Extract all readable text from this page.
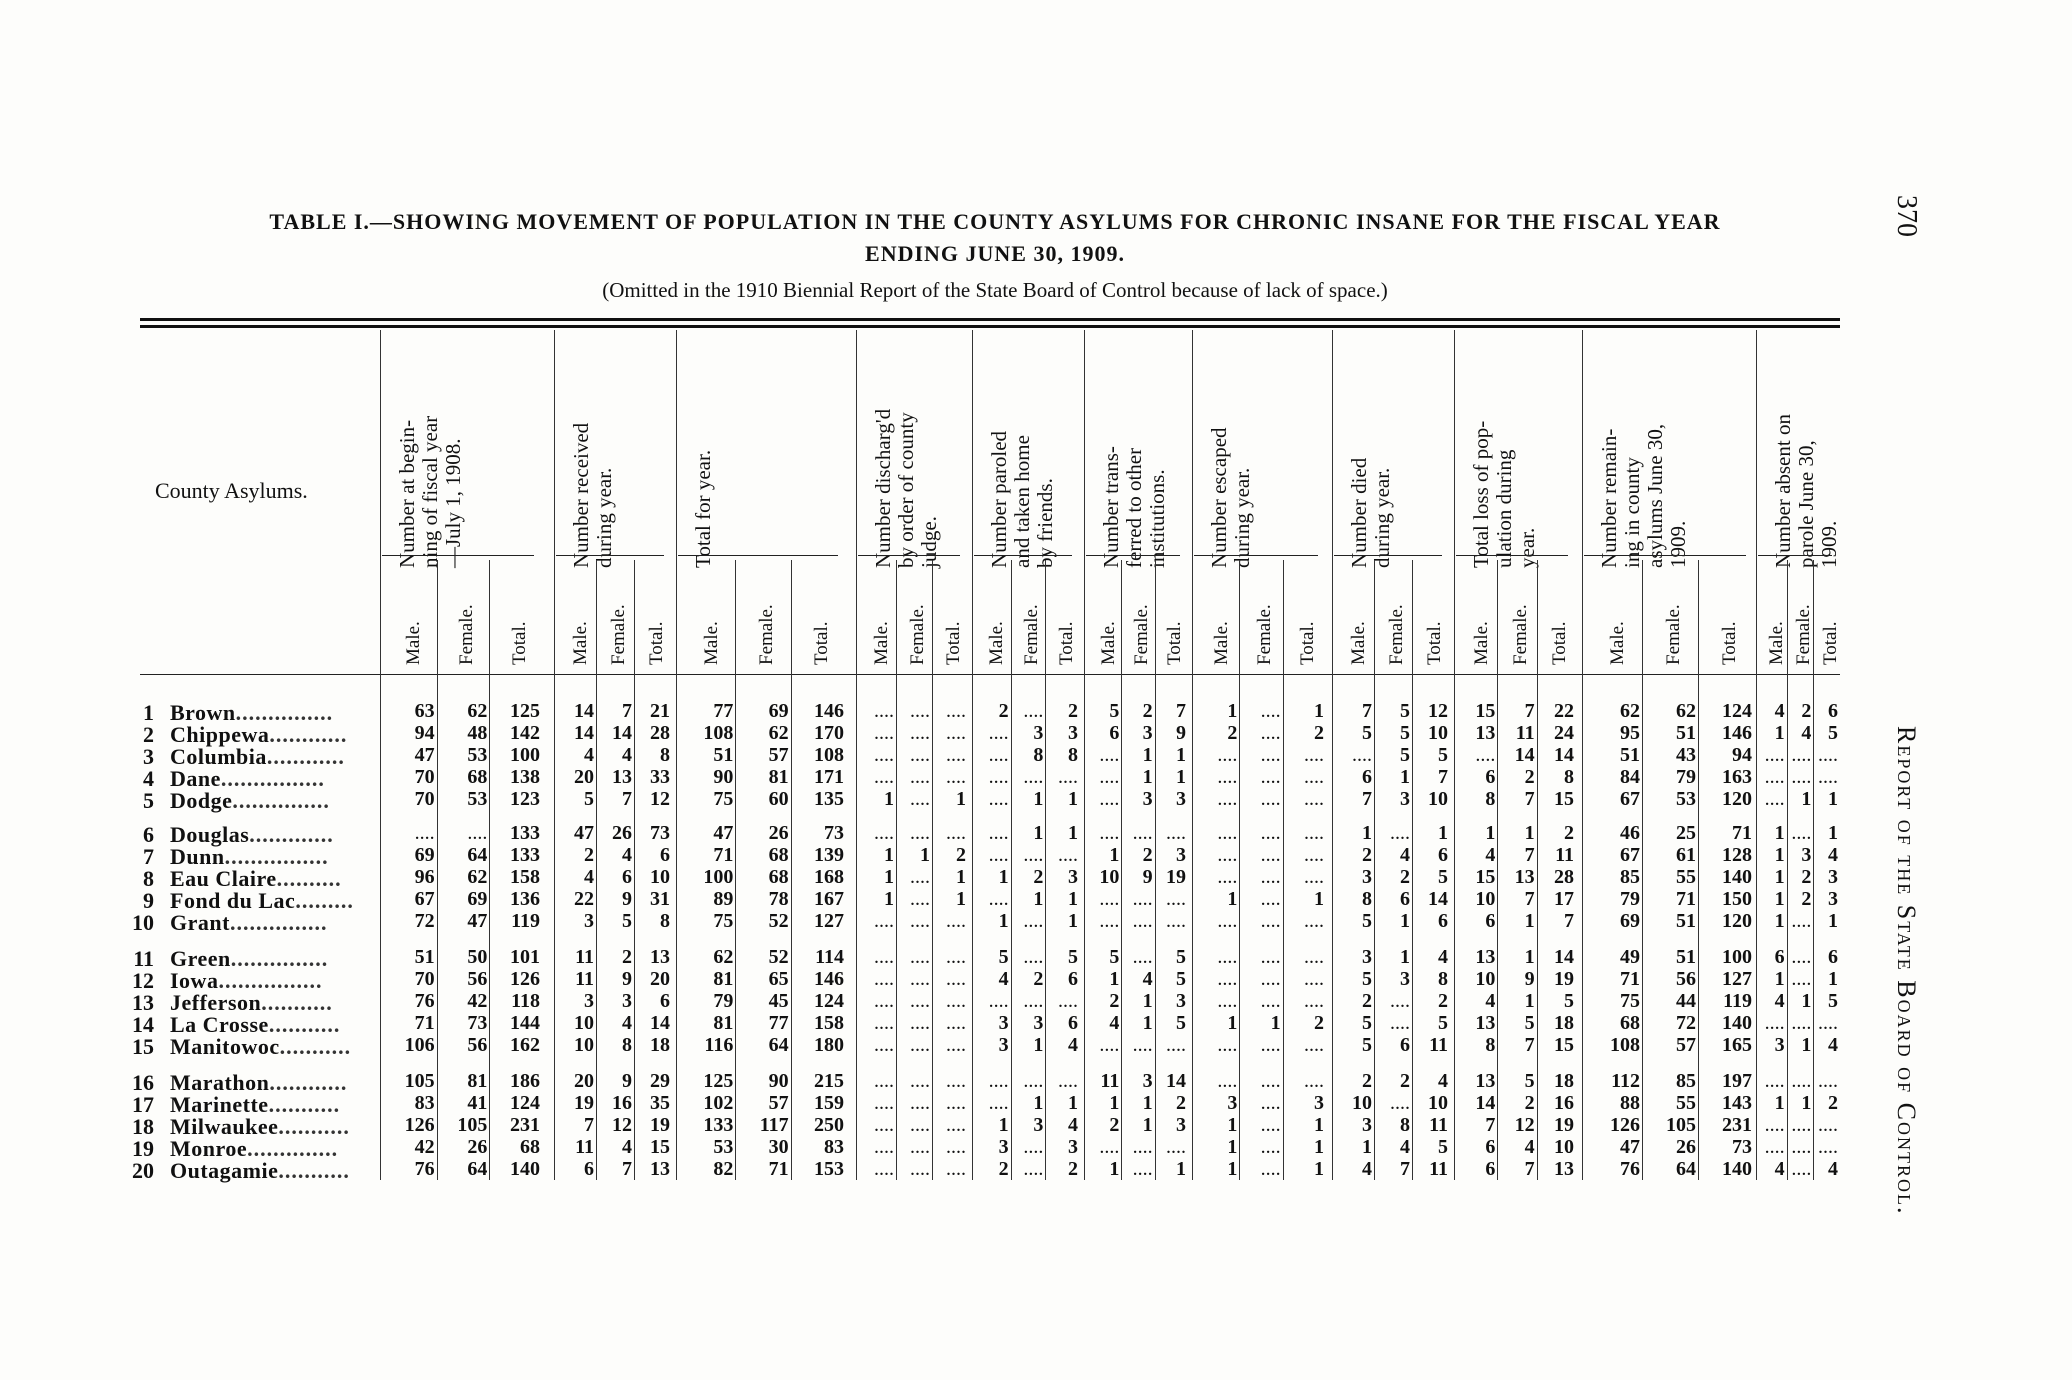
TABLE I.—SHOWING MOVEMENT OF POPULATION IN THE COUNTY ASYLUMS FOR CHRONIC INSANE FOR THE FISCAL YEAR
ENDING JUNE 30, 1909.
(Omitted in the 1910 Biennial Report of the State Board of Control because of lack of space.)
370
Report of the State Board of Control.
County Asylums.
Number at begin-
ning of fiscal year
—July 1, 1908.
Male. Female. Total.
Number received
during year.
Male. Female. Total.
Total for year.
Male. Female. Total.
Number discharg'd
by order of county
judge.
Male. Female. Total.
Number paroled
and taken home
by friends.
Male. Female. Total.
Number trans-
ferred to other
institutions.
Male. Female. Total.
Number escaped
during year.
Male. Female. Total.
Number died
during year.
Male. Female. Total.
Total loss of pop-
ulation during
year.
Male. Female. Total.
Number remain-
ing in county
asylums June 30,
1909.
Male. Female. Total.
Number absent on
parole June 30,
1909.
Male. Female. Total.
1 Brown...............	63	62	125	14	7 21	77	69	146	.... .... ....	2 ....	2	5	2	7	1	....	1	7	5 12	15	7 22	62	62	124	4 2 6
2 Chippewa............	94	48	142	14 14 28	108	62	170	.... .... ....	....	3	3	6	3	9	2	....	2	5	5 10	13	11 24	95	51	146	1 4 5
3 Columbia............	47	53	100	4	4	8	51	57	108	.... .... ....	....	8	8	....	1	1	....	....	....	....	5	5	.... 14 14	51	43	94 .... .... ....
4 Dane................	70	68	138	20 13 33	90	81	171	.... .... ....	.... .... ....	....	1	1	....	....	....	6	1	7	6	2	8	84	79	163 .... .... ....
5 Dodge...............	70	53	123	5	7 12	75	60	135	1 ....	1	....	1	1	....	3	3	....	....	....	7	3 10	8	7 15	67	53	120 .... 1 1
6 Douglas.............	....	....	133	47 26 73	47	26	73	.... .... ....	....	1	1	.... .... ....	....	....	....	1 ....	1	1	1	2	46	25	71	1 .... 1
7 Dunn................	69	64	133	2	4	6	71	68	139	1	1	2	.... .... ....	1	2	3	....	....	....	2	4	6	4	7	11	67	61	128	1 3 4
8 Eau Claire..........	96	62	158	4	6 10	100	68	168	1 ....	1	1	2	3	10	9 19	....	....	....	3	2	5	15 13 28	85	55	140	1 2 3
9 Fond du Lac.........	67	69	136	22	9 31	89	78	167	1 ....	1	....	1	1	.... .... ....	1	....	1	8	6 14	10	7 17	79	71	150	1 2 3
10 Grant...............	72	47	119	3	5	8	75	52	127	.... .... ....	1 ....	1	.... .... ....	....	....	....	5	1	6	6	1	7	69	51	120	1 .... 1
11 Green...............	51	50	101	11	2 13	62	52	114	.... .... ....	5 ....	5	5 ....	5	....	....	....	3	1	4	13	1 14	49	51	100	6 .... 6
12 Iowa................	70	56	126	11	9 20	81	65	146	.... .... ....	4	2	6	1	4	5	....	....	....	5	3	8	10	9 19	71	56	127	1 .... 1
13 Jefferson...........	76	42	118	3	3	6	79	45	124	.... .... ....	.... .... ....	2	1	3	....	....	....	2 ....	2	4	1	5	75	44	119	4 1 5
14 La Crosse...........	71	73	144	10	4 14	81	77	158	.... .... ....	3	3	6	4	1	5	1	1	2	5 ....	5	13	5 18	68	72	140 .... .... ....
15 Manitowoc...........	106	56	162	10	8 18	116	64	180	.... .... ....	3	1	4	.... .... ....	....	....	....	5	6 11	8	7 15	108	57	165	3 1 4
16 Marathon............	105	81	186	20	9 29	125	90	215	.... .... ....	.... .... ....	11	3 14	....	....	....	2	2	4	13	5 18	112	85	197 .... .... ....
17 Marinette...........	83	41	124	19 16 35	102	57	159	.... .... ....	....	1	1	1	1	2	3	....	3	10 .... 10	14	2 16	88	55	143	1 1 2
18 Milwaukee...........	126	105	231	7 12 19	133	117	250	.... .... ....	1	3	4	2	1	3	1	....	1	3	8 11	7 12 19	126	105	231 .... .... ....
19 Monroe..............	42	26	68	11	4 15	53	30	83	.... .... ....	3 ....	3	.... .... ....	1	....	1	1	4	5	6	4 10	47	26	73 .... .... ....
20 Outagamie...........	76	64	140	6	7 13	82	71	153	.... .... ....	2 ....	2	1 ....	1	1	....	1	4	7 11	6	7 13	76	64	140	4 .... 4
